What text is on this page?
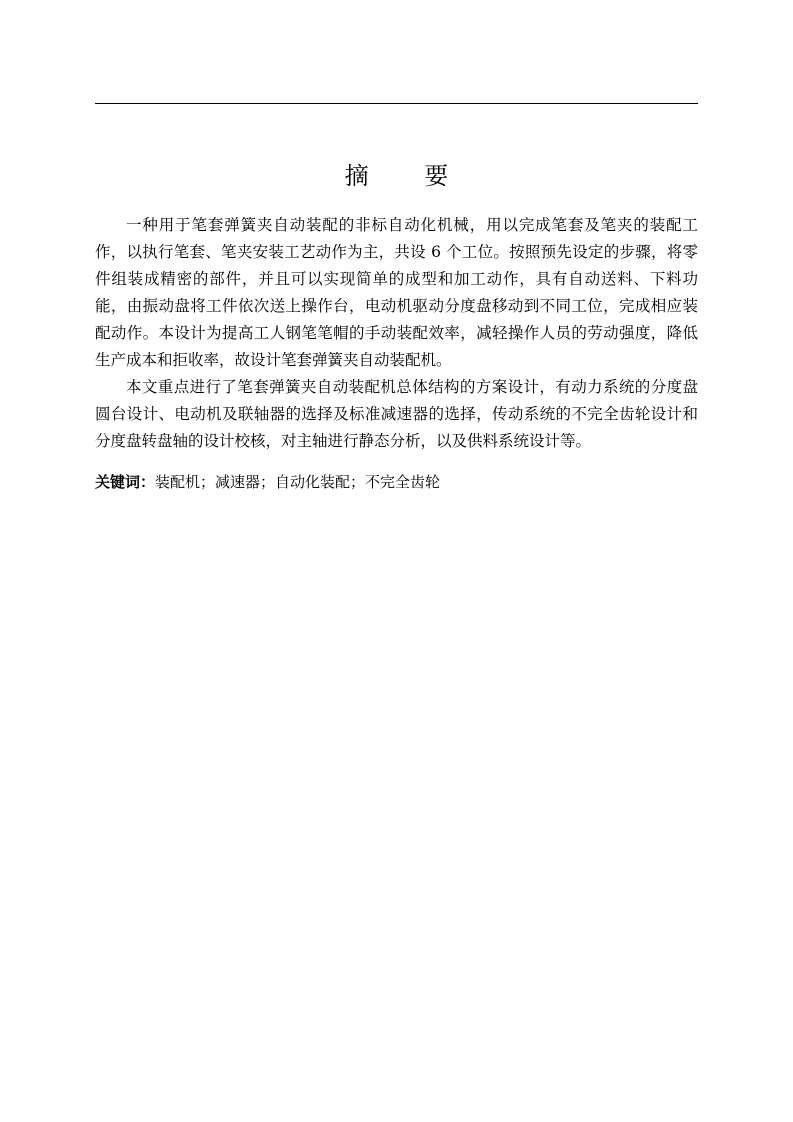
摘 要

一种用于笔套弹簧夹自动装配的非标自动化机械，用以完成笔套及笔夹的装配工作，以执行笔套、笔夹安装工艺动作为主，共设 6 个工位。按照预先设定的步骤，将零件组装成精密的部件，并且可以实现简单的成型和加工动作，具有自动送料、下料功能，由振动盘将工件依次送上操作台，电动机驱动分度盘移动到不同工位，完成相应装配动作。本设计为提高工人钢笔笔帽的手动装配效率，减轻操作人员的劳动强度，降低生产成本和拒收率，故设计笔套弹簧夹自动装配机。

本文重点进行了笔套弹簧夹自动装配机总体结构的方案设计，有动力系统的分度盘圆台设计、电动机及联轴器的选择及标准减速器的选择，传动系统的不完全齿轮设计和分度盘转盘轴的设计校核，对主轴进行静态分析，以及供料系统设计等。

关键词：装配机；减速器；自动化装配；不完全齿轮
